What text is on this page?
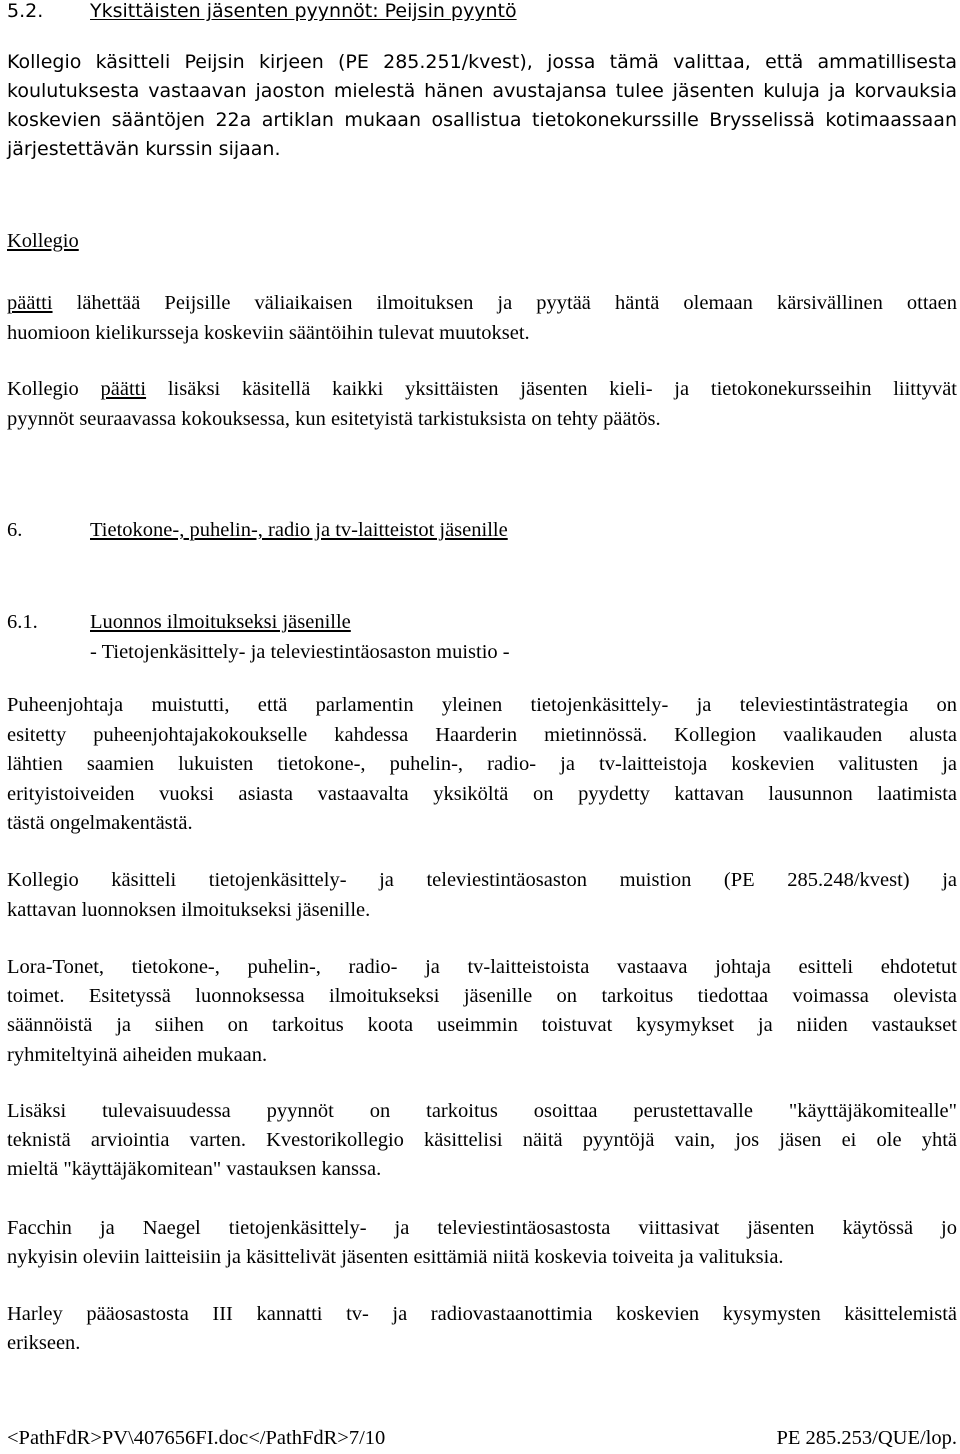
5.2. Yksittäisten jäsenten pyynnöt: Peijsin pyyntö
Kollegio käsitteli Peijsin kirjeen (PE 285.251/kvest), jossa tämä valittaa, että ammatillisesta
koulutuksesta vastaavan jaoston mielestä hänen avustajansa tulee jäsenten kuluja ja korvauksia
koskevien sääntöjen 22a artiklan mukaan osallistua tietokonekurssille Brysselissä kotimaassaan
järjestettävän kurssin sijaan.
Kollegio
päätti lähettää Peijsille väliaikaisen ilmoituksen ja pyytää häntä olemaan kärsivällinen ottaen
huomioon kielikursseja koskeviin sääntöihin tulevat muutokset.
Kollegio päätti lisäksi käsitellä kaikki yksittäisten jäsenten kieli- ja tietokonekursseihin liittyvät
pyynnöt seuraavassa kokouksessa, kun esitetyistä tarkistuksista on tehty päätös.
6.	Tietokone-, puhelin-, radio ja tv-laitteistot jäsenille
6.1.	Luonnos ilmoitukseksi jäsenille
- Tietojenkäsittely- ja televiestintäosaston muistio -
Puheenjohtaja muistutti, että parlamentin yleinen tietojenkäsittely- ja televiestintästrategia on
esitetty puheenjohtajakokoukselle kahdessa Haarderin mietinnössä. Kollegion vaalikauden alusta
lähtien saamien lukuisten tietokone-, puhelin-, radio- ja tv-laitteistoja koskevien valitusten ja
erityistoiveiden vuoksi asiasta vastaavalta yksiköltä on pyydetty kattavan lausunnon laatimista
tästä ongelmakentästä.
Kollegio käsitteli tietojenkäsittely- ja televiestintäosaston muistion (PE 285.248/kvest) ja
kattavan luonnoksen ilmoitukseksi jäsenille.
Lora-Tonet, tietokone-, puhelin-, radio- ja tv-laitteistoista vastaava johtaja esitteli ehdotetut
toimet. Esitetyssä luonnoksessa ilmoitukseksi jäsenille on tarkoitus tiedottaa voimassa olevista
säännöistä ja siihen on tarkoitus koota useimmin toistuvat kysymykset ja niiden vastaukset
ryhmiteltyinä aiheiden mukaan.
Lisäksi tulevaisuudessa pyynnöt on tarkoitus osoittaa perustettavalle "käyttäjäkomitealle"
teknistä arviointia varten. Kvestorikollegio käsittelisi näitä pyyntöjä vain, jos jäsen ei ole yhtä
mieltä "käyttäjäkomitean" vastauksen kanssa.
Facchin ja Naegel tietojenkäsittely- ja televiestintäosastosta viittasivat jäsenten käytössä jo
nykyisin oleviin laitteisiin ja käsittelivät jäsenten esittämiä niitä koskevia toiveita ja valituksia.
Harley pääosastosta III kannatti tv- ja radiovastaanottimia koskevien kysymysten käsittelemistä
erikseen.
<PathFdR>PV\407656FI.doc</PathFdR>7/10	PE 285.253/QUE/lop.
